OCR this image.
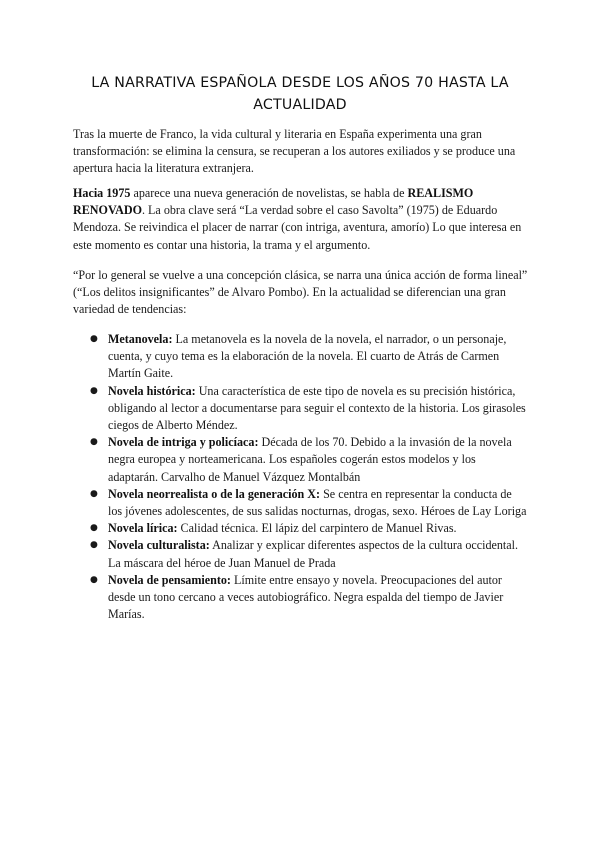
LA NARRATIVA ESPAÑOLA DESDE LOS AÑOS 70 HASTA LA ACTUALIDAD

Tras la muerte de Franco, la vida cultural y literaria en España experimenta una gran transformación: se elimina la censura, se recuperan a los autores exiliados y se produce una apertura hacia la literatura extranjera.

Hacia 1975 aparece una nueva generación de novelistas, se habla de REALISMO RENOVADO. La obra clave será “La verdad sobre el caso Savolta” (1975) de Eduardo Mendoza. Se reivindica el placer de narrar (con intriga, aventura, amorío) Lo que interesa en este momento es contar una historia, la trama y el argumento.

“Por lo general se vuelve a una concepción clásica, se narra una única acción de forma lineal” (“Los delitos insignificantes” de Alvaro Pombo). En la actualidad se diferencian una gran variedad de tendencias:

● Metanovela: La metanovela es la novela de la novela, el narrador, o un personaje, cuenta, y cuyo tema es la elaboración de la novela. El cuarto de Atrás de Carmen Martín Gaite.
● Novela histórica: Una característica de este tipo de novela es su precisión histórica, obligando al lector a documentarse para seguir el contexto de la historia. Los girasoles ciegos de Alberto Méndez.
● Novela de intriga y policíaca: Década de los 70. Debido a la invasión de la novela negra europea y norteamericana. Los españoles cogerán estos modelos y los adaptarán. Carvalho de Manuel Vázquez Montalbán
● Novela neorrealista o de la generación X: Se centra en representar la conducta de los jóvenes adolescentes, de sus salidas nocturnas, drogas, sexo. Héroes de Lay Loriga
● Novela lírica: Calidad técnica. El lápiz del carpintero de Manuel Rivas.
● Novela culturalista: Analizar y explicar diferentes aspectos de la cultura occidental. La máscara del héroe de Juan Manuel de Prada
● Novela de pensamiento: Límite entre ensayo y novela. Preocupaciones del autor desde un tono cercano a veces autobiográfico. Negra espalda del tiempo de Javier Marías.
